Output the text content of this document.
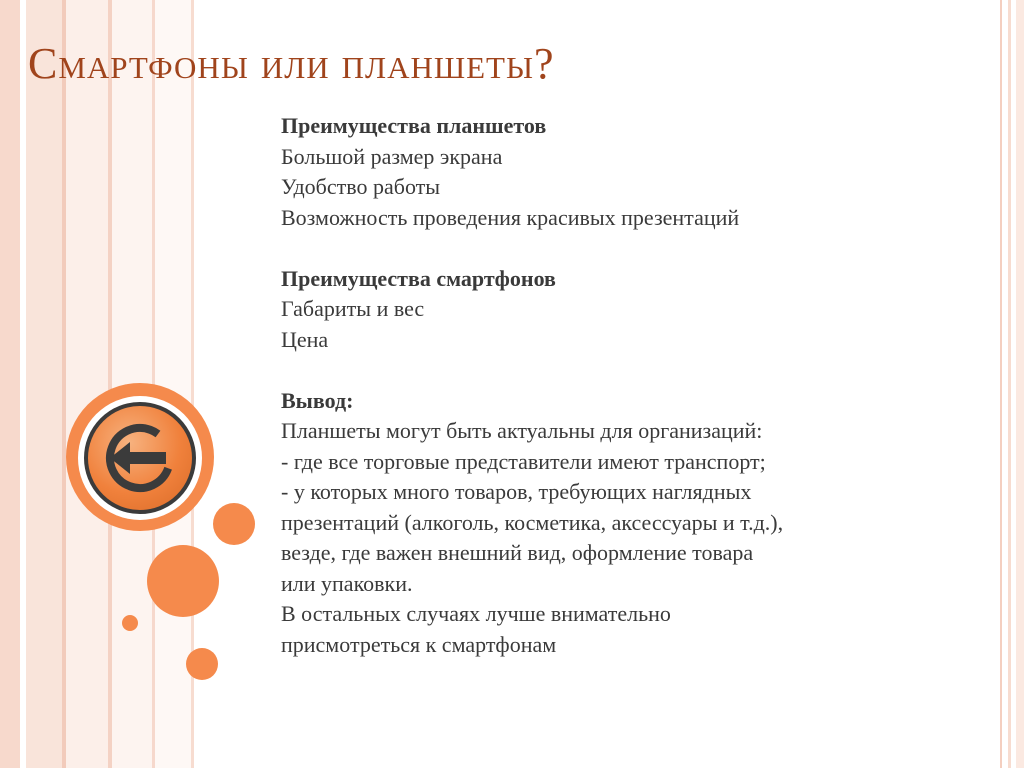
Смартфоны или планшеты?
Преимущества планшетов
Большой размер экрана
Удобство работы
Возможность проведения красивых презентаций
Преимущества смартфонов
Габариты и вес
Цена
Вывод:
Планшеты могут быть актуальны для организаций:
- где все торговые представители имеют транспорт;
- у которых много товаров, требующих наглядных
презентаций (алкоголь, косметика, аксессуары и т.д.),
везде, где важен внешний вид, оформление товара
или упаковки.
В остальных случаях лучше внимательно
присмотреться к смартфонам
